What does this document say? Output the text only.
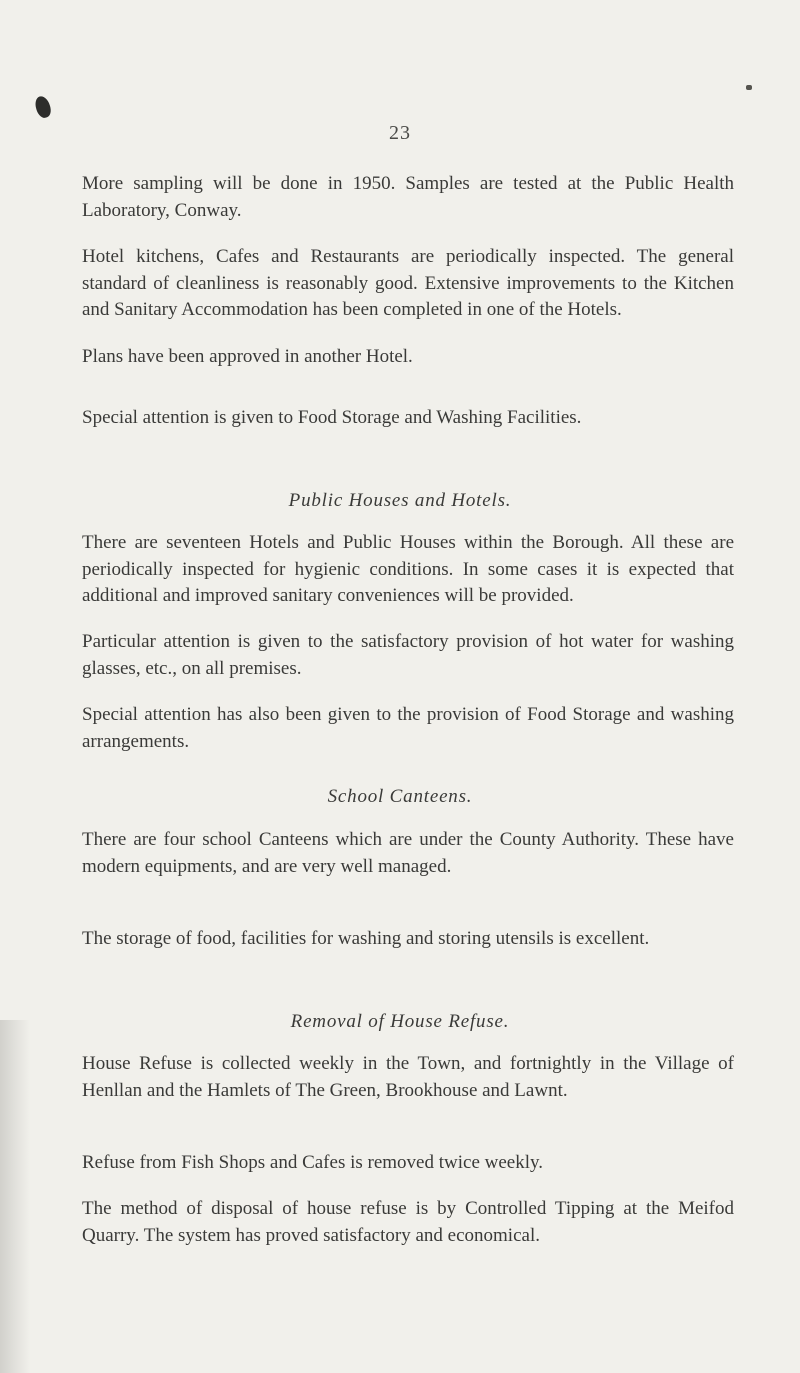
23

More sampling will be done in 1950. Samples are tested at the Public Health Laboratory, Conway.

Hotel kitchens, Cafes and Restaurants are periodically inspected. The general standard of cleanliness is reasonably good. Extensive improvements to the Kitchen and Sanitary Accommodation has been completed in one of the Hotels.

Plans have been approved in another Hotel.

Special attention is given to Food Storage and Washing Facilities.

Public Houses and Hotels.

There are seventeen Hotels and Public Houses within the Borough. All these are periodically inspected for hygienic conditions. In some cases it is expected that additional and improved sanitary conveniences will be provided.

Particular attention is given to the satisfactory provision of hot water for washing glasses, etc., on all premises.

Special attention has also been given to the provision of Food Storage and washing arrangements.

School Canteens.

There are four school Canteens which are under the County Authority. These have modern equipments, and are very well managed.

The storage of food, facilities for washing and storing utensils is excellent.

Removal of House Refuse.

House Refuse is collected weekly in the Town, and fortnightly in the Village of Henllan and the Hamlets of The Green, Brookhouse and Lawnt.

Refuse from Fish Shops and Cafes is removed twice weekly.

The method of disposal of house refuse is by Controlled Tipping at the Meifod Quarry. The system has proved satisfactory and economical.
